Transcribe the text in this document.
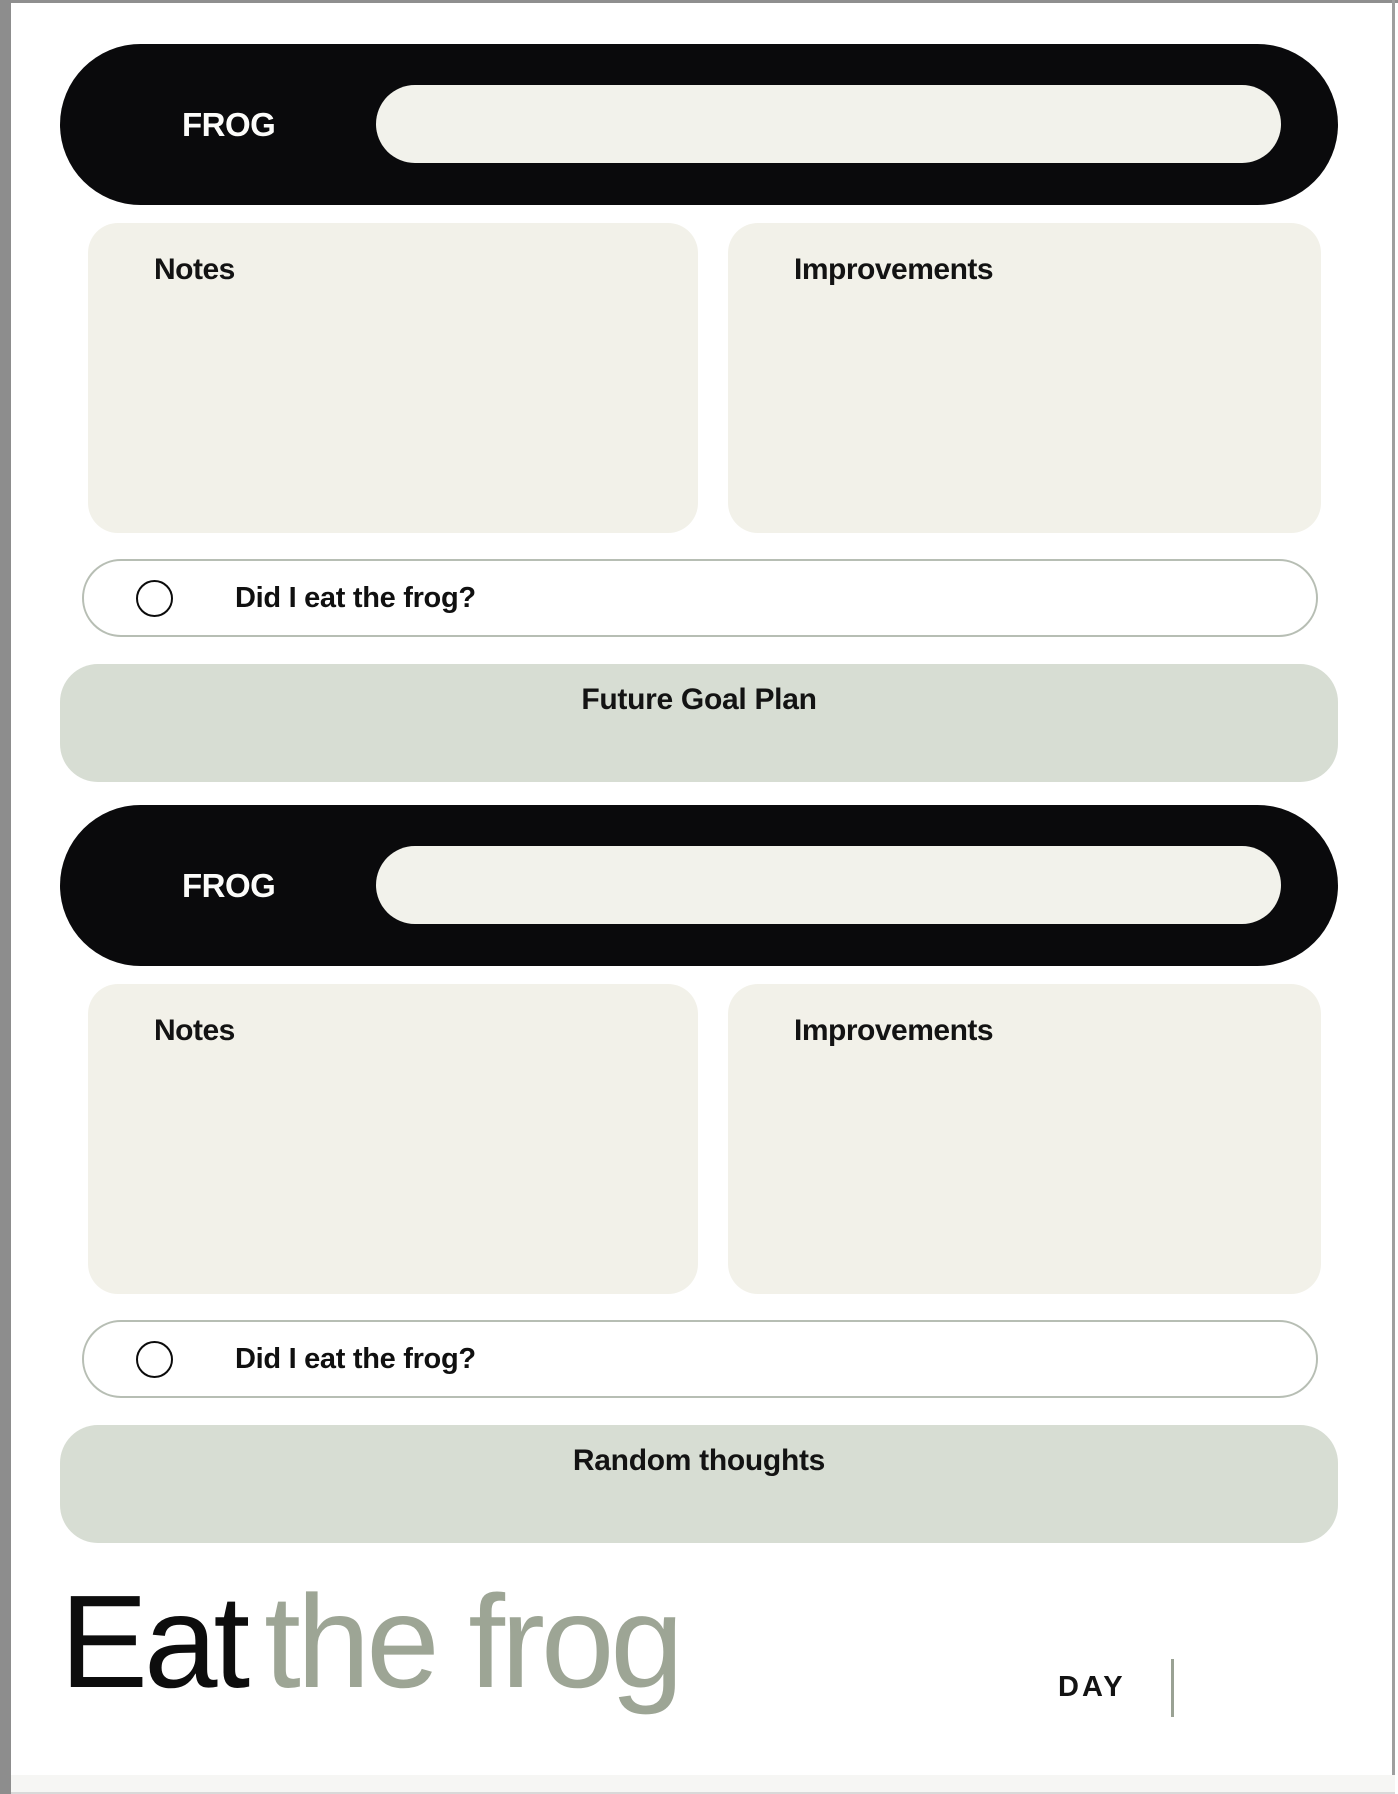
FROG
Notes	Improvements
Did I eat the frog?
Future Goal Plan
FROG
Notes	Improvements
Did I eat the frog?
Random thoughts
Eat the frog	DAY
